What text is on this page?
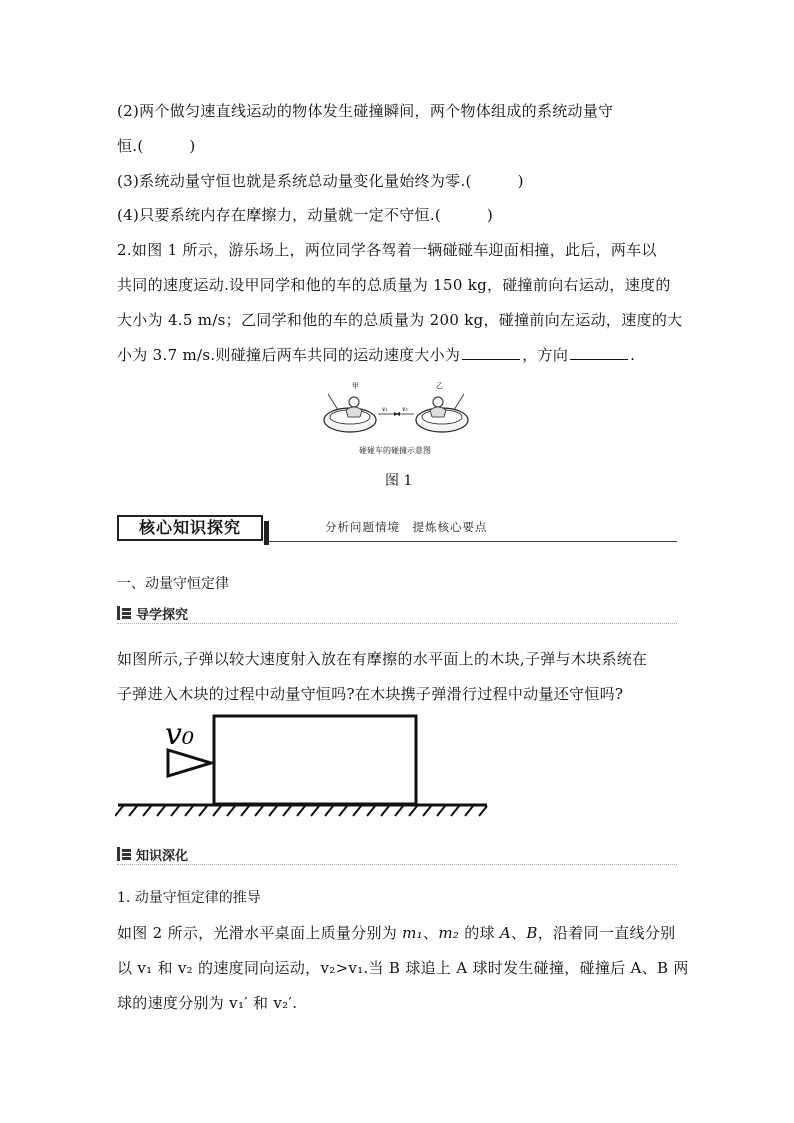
(2)两个做匀速直线运动的物体发生碰撞瞬间，两个物体组成的系统动量守
恒.(　　　)
(3)系统动量守恒也就是系统总动量变化量始终为零.(　　　)
(4)只要系统内存在摩擦力，动量就一定不守恒.(　　　)
2.如图 1 所示，游乐场上，两位同学各驾着一辆碰碰车迎面相撞，此后，两车以
共同的速度运动.设甲同学和他的车的总质量为 150 kg，碰撞前向右运动，速度的
大小为 4.5 m/s；乙同学和他的车的总质量为 200 kg，碰撞前向左运动，速度的大
小为 3.7 m/s.则碰撞后两车共同的运动速度大小为	，方向	.
甲	乙
v₁ v₂
碰碰车的碰撞示意图
图 1
核心知识探究	分析问题情境　提炼核心要点
一、动量守恒定律
导学探究
如图所示,子弹以较大速度射入放在有摩擦的水平面上的木块,子弹与木块系统在
子弹进入木块的过程中动量守恒吗?在木块携子弹滑行过程中动量还守恒吗?
v₀
知识深化
1. 动量守恒定律的推导
如图 2 所示，光滑水平桌面上质量分别为 m₁、m₂ 的球 A、B，沿着同一直线分别
以 v₁ 和 v₂ 的速度同向运动，v₂>v₁.当 B 球追上 A 球时发生碰撞，碰撞后 A、B 两
球的速度分别为 v₁′ 和 v₂′.
